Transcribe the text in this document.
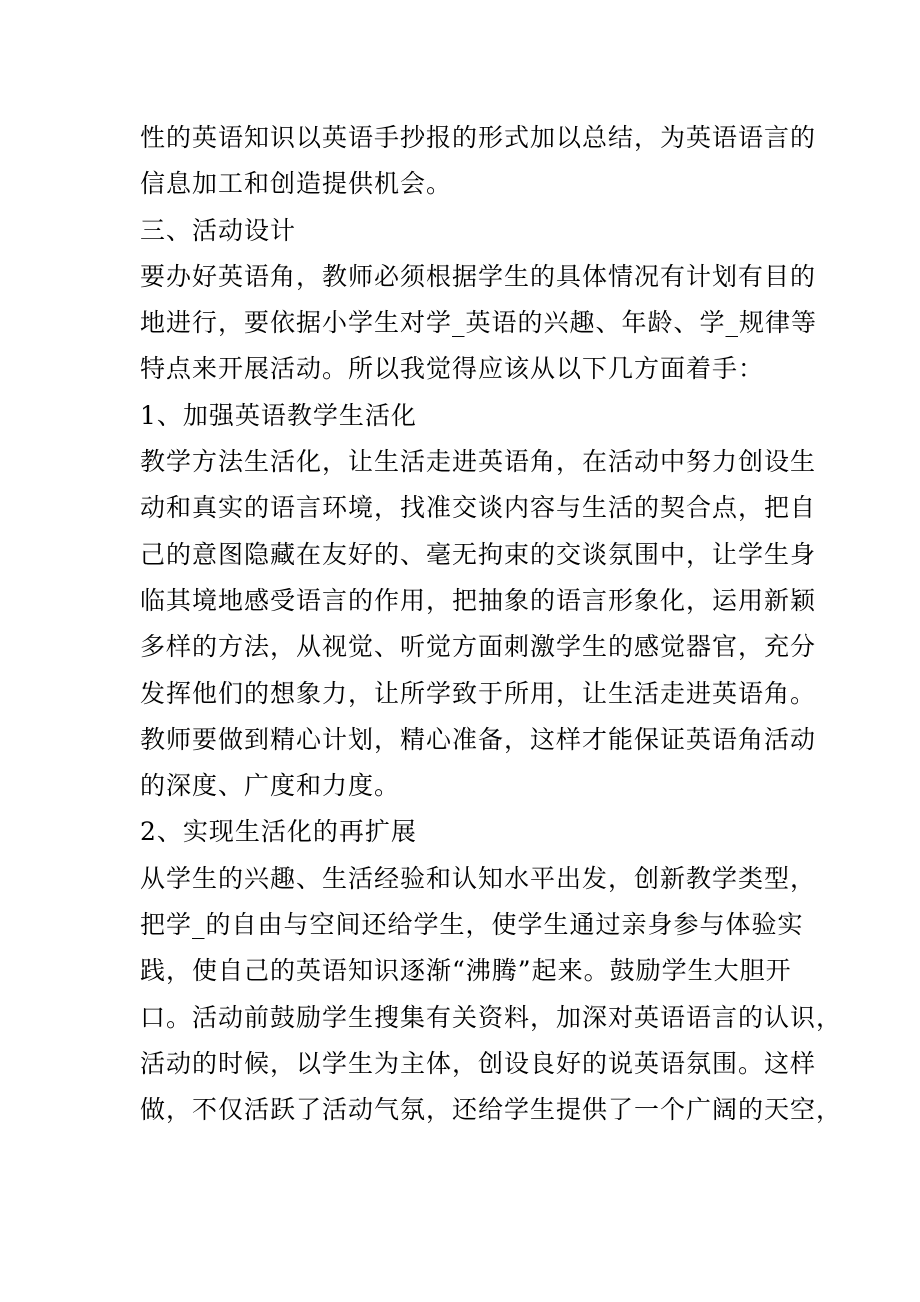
性的英语知识以英语手抄报的形式加以总结，为英语语言的
信息加工和创造提供机会。
三、活动设计
要办好英语角，教师必须根据学生的具体情况有计划有目的
地进行，要依据小学生对学_英语的兴趣、年龄、学_规律等
特点来开展活动。所以我觉得应该从以下几方面着手：
1、加强英语教学生活化
教学方法生活化，让生活走进英语角，在活动中努力创设生
动和真实的语言环境，找准交谈内容与生活的契合点，把自
己的意图隐藏在友好的、毫无拘束的交谈氛围中，让学生身
临其境地感受语言的作用，把抽象的语言形象化，运用新颖
多样的方法，从视觉、听觉方面刺激学生的感觉器官，充分
发挥他们的想象力，让所学致于所用，让生活走进英语角。
教师要做到精心计划，精心准备，这样才能保证英语角活动
的深度、广度和力度。
2、实现生活化的再扩展
从学生的兴趣、生活经验和认知水平出发，创新教学类型，
把学_的自由与空间还给学生，使学生通过亲身参与体验实
践，使自己的英语知识逐渐“沸腾”起来。鼓励学生大胆开
口。活动前鼓励学生搜集有关资料，加深对英语语言的认识，
活动的时候，以学生为主体，创设良好的说英语氛围。这样
做，不仅活跃了活动气氛，还给学生提供了一个广阔的天空，
